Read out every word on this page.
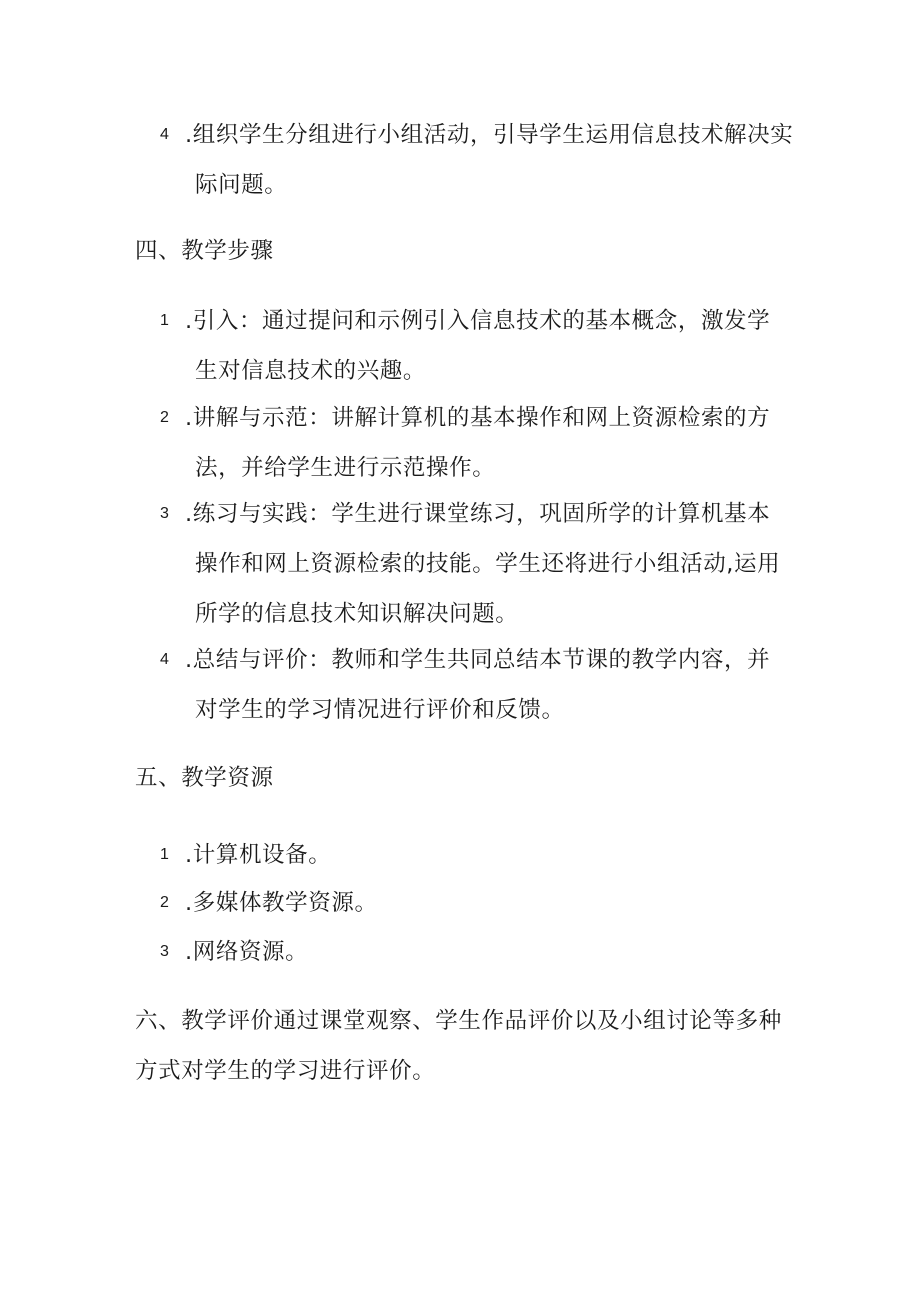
4 .组织学生分组进行小组活动，引导学生运用信息技术解决实
际问题。
四、教学步骤
1 .引入：通过提问和示例引入信息技术的基本概念，激发学
生对信息技术的兴趣。
2 .讲解与示范：讲解计算机的基本操作和网上资源检索的方
法，并给学生进行示范操作。
3 .练习与实践：学生进行课堂练习，巩固所学的计算机基本
操作和网上资源检索的技能。学生还将进行小组活动,运用
所学的信息技术知识解决问题。
4 .总结与评价：教师和学生共同总结本节课的教学内容，并
对学生的学习情况进行评价和反馈。
五、教学资源
1 .计算机设备。
2 .多媒体教学资源。
3 .网络资源。
六、教学评价通过课堂观察、学生作品评价以及小组讨论等多种
方式对学生的学习进行评价。
